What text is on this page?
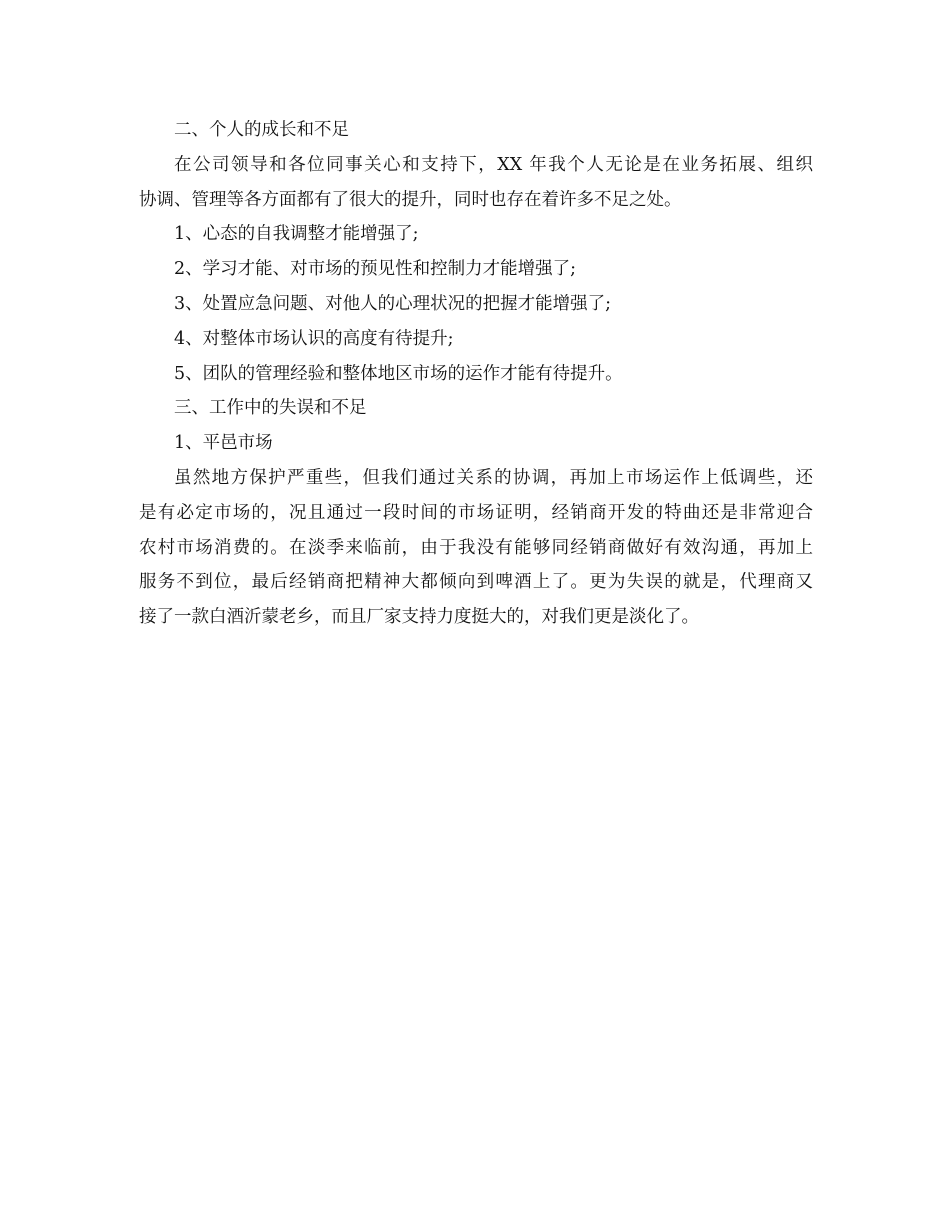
二、个人的成长和不足

在公司领导和各位同事关心和支持下，XX 年我个人无论是在业务拓展、组织

协调、管理等各方面都有了很大的提升，同时也存在着许多不足之处。

1、心态的自我调整才能增强了;

2、学习才能、对市场的预见性和控制力才能增强了;

3、处置应急问题、对他人的心理状况的把握才能增强了;

4、对整体市场认识的高度有待提升;

5、团队的管理经验和整体地区市场的运作才能有待提升。

三、工作中的失误和不足

1、平邑市场

虽然地方保护严重些，但我们通过关系的协调，再加上市场运作上低调些，还

是有必定市场的，况且通过一段时间的市场证明，经销商开发的特曲还是非常迎合

农村市场消费的。在淡季来临前，由于我没有能够同经销商做好有效沟通，再加上

服务不到位，最后经销商把精神大都倾向到啤酒上了。更为失误的就是，代理商又

接了一款白酒沂蒙老乡，而且厂家支持力度挺大的，对我们更是淡化了。
